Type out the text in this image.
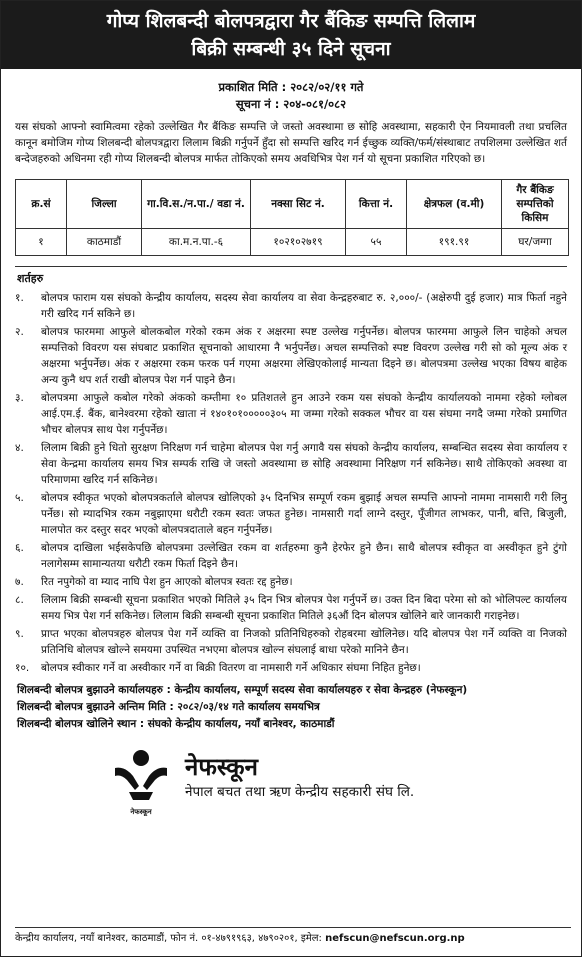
गोप्य शिलबन्दी बोलपत्रद्वारा गैर बैंकिङ सम्पत्ति लिलाम
बिक्री सम्बन्धी ३५ दिने सूचना
प्रकाशित मिति : २०८२/०२/११ गते
सूचना नं : २०४-०८१/०८२
यस संघको आफ्नो स्वामित्वमा रहेको उल्लेखित गैर बैंकिङ सम्पत्ति जे जस्तो अवस्थामा छ सोहि अवस्थामा, सहकारी ऐन नियमावली तथा प्रचलित कानून बमोजिम गोप्य शिलबन्दी बोलपत्रद्वारा लिलाम बिक्री गर्नुपर्ने हुँदा सो सम्पत्ति खरिद गर्न ईच्छुक व्यक्ति/फर्म/संस्थाबाट तपशिलमा उल्लेखित शर्त बन्देजहरुको अधिनमा रही गोप्य शिलबन्दी बोलपत्र मार्फत तोकिएको समय अवधिभित्र पेश गर्न यो सूचना प्रकाशित गरिएको छ।
क्र.सं	जिल्ला	गा.वि.स./न.पा./ वडा नं.	नक्सा सिट नं.	कित्ता नं.	क्षेत्रफल (व.मी)	गैर बैंकिङ सम्पत्तिको किसिम
१	काठमाडौं	का.म.न.पा.-६	१०२१०२७१९	५५	१९१.९१	घर/जग्गा
शर्तहरु
१.	बोलपत्र फाराम यस संघको केन्द्रीय कार्यालय, सदस्य सेवा कार्यालय वा सेवा केन्द्रहरुबाट रु. २,०००/- (अक्षेरुपी दुई हजार) मात्र फिर्ता नहुने गरी खरिद गर्न सकिने छ।
२.	बोलपत्र फारममा आफुले बोलकबोल गरेको रकम अंक र अक्षरमा स्पष्ट उल्लेख गर्नुपर्नेछ। बोलपत्र फारममा आफुले लिन चाहेको अचल सम्पत्तिको विवरण यस संघबाट प्रकाशित सूचनाको आधारमा नै भर्नुपर्नेछ। अचल सम्पत्तिको स्पष्ट विवरण उल्लेख गरी सो को मूल्य अंक र अक्षरमा भर्नुपर्नेछ। अंक र अक्षरमा रकम फरक पर्न गएमा अक्षरमा लेखिएकोलाई मान्यता दिइने छ। बोलपत्रमा उल्लेख भएका विषय बाहेक अन्य कुनै थप शर्त राखी बोलपत्र पेश गर्न पाइने छैन।
३.	बोलपत्रमा आफुले कबोल गरेको अंकको कम्तीमा १० प्रतिशतले हुन आउने रकम यस संघको केन्द्रीय कार्यालयको नाममा रहेको ग्लोबल आई.एम.ई. बैंक, बानेश्वरमा रहेको खाता नं १४०१०१०००००३०५ मा जम्मा गरेको सक्कल भौचर वा यस संघमा नगदै जम्मा गरेको प्रमाणित भौचर बोलपत्र साथ पेश गर्नुपर्नेछ।
४.	लिलाम बिक्री हुने धितो सुरक्षण निरिक्षण गर्न चाहेमा बोलपत्र पेश गर्नु अगावै यस संघको केन्द्रीय कार्यालय, सम्बन्धित सदस्य सेवा कार्यालय र सेवा केन्द्रमा कार्यालय समय भित्र सम्पर्क राखि जे जस्तो अवस्थामा छ सोहि अवस्थामा निरिक्षण गर्न सकिनेछ। साथै तोकिएको अवस्था वा परिमाणमा खरिद गर्न सकिनेछ।
५.	बोलपत्र स्वीकृत भएको बोलपत्रकर्ताले बोलपत्र खोलिएको ३५ दिनभित्र सम्पूर्ण रकम बुझाई अचल सम्पत्ति आफ्नो नाममा नामसारी गरी लिनु पर्नेछ। सो म्यादभित्र रकम नबुझाएमा धरौटी रकम स्वतः जफत हुनेछ। नामसारी गर्दा लाग्ने दस्तुर, पूँजीगत लाभकर, पानी, बत्ति, बिजुली, मालपोत कर दस्तुर सदर भएको बोलपत्रदाताले बहन गर्नुपर्नेछ।
६.	बोलपत्र दाखिला भईसकेपछि बोलपत्रमा उल्लेखित रकम वा शर्तहरुमा कुनै हेरफेर हुने छैन। साथै बोलपत्र स्वीकृत वा अस्वीकृत हुने टुंगो नलागेसम्म सामान्यतया धरौटी रकम फिर्ता दिइने छैन।
७.	रित नपुगेको वा म्याद नाघि पेश हुन आएको बोलपत्र स्वतः रद्द हुनेछ।
८.	लिलाम बिक्री सम्बन्धी सूचना प्रकाशित भएको मितिले ३५ दिन भित्र बोलपत्र पेश गर्नुपर्ने छ। उक्त दिन बिदा परेमा सो को भोलिपल्ट कार्यालय समय भित्र पेश गर्न सकिनेछ। लिलाम बिक्री सम्बन्धी सूचना प्रकाशित मितिले ३६औं दिन बोलपत्र खोलिने बारे जानकारी गराइनेछ।
९.	प्राप्त भएका बोलपत्रहरु बोलपत्र पेश गर्ने व्यक्ति वा निजको प्रतिनिधिहरुको रोहबरमा खोलिनेछ। यदि बोलपत्र पेश गर्ने व्यक्ति वा निजको प्रतिनिधि बोलपत्र खोल्ने समयमा उपस्थित नभएमा बोलपत्र खोल्न संघलाई बाधा परेको मानिने छैन।
१०.	बोलपत्र स्वीकार गर्ने वा अस्वीकार गर्ने वा बिक्री वितरण वा नामसारी गर्ने अधिकार संघमा निहित हुनेछ।
शिलबन्दी बोलपत्र बुझाउने कार्यालयहरु : केन्द्रीय कार्यालय, सम्पूर्ण सदस्य सेवा कार्यालयहरु र सेवा केन्द्रहरु (नेफस्कून)
शिलबन्दी बोलपत्र बुझाउने अन्तिम मिति : २०८२/०३/१४ गते कार्यालय समयभित्र
शिलबन्दी बोलपत्र खोलिने स्थान : संघको केन्द्रीय कार्यालय, नयाँ बानेश्वर, काठमाडौं
नेफस्कून
नेफस्कून
नेपाल बचत तथा ऋण केन्द्रीय सहकारी संघ लि.
केन्द्रीय कार्यालय, नयाँ बानेश्वर, काठमाडौं, फोन नं. ०१-४७९१९६३, ४७९०२०१, इमेल: nefscun@nefscun.org.np
